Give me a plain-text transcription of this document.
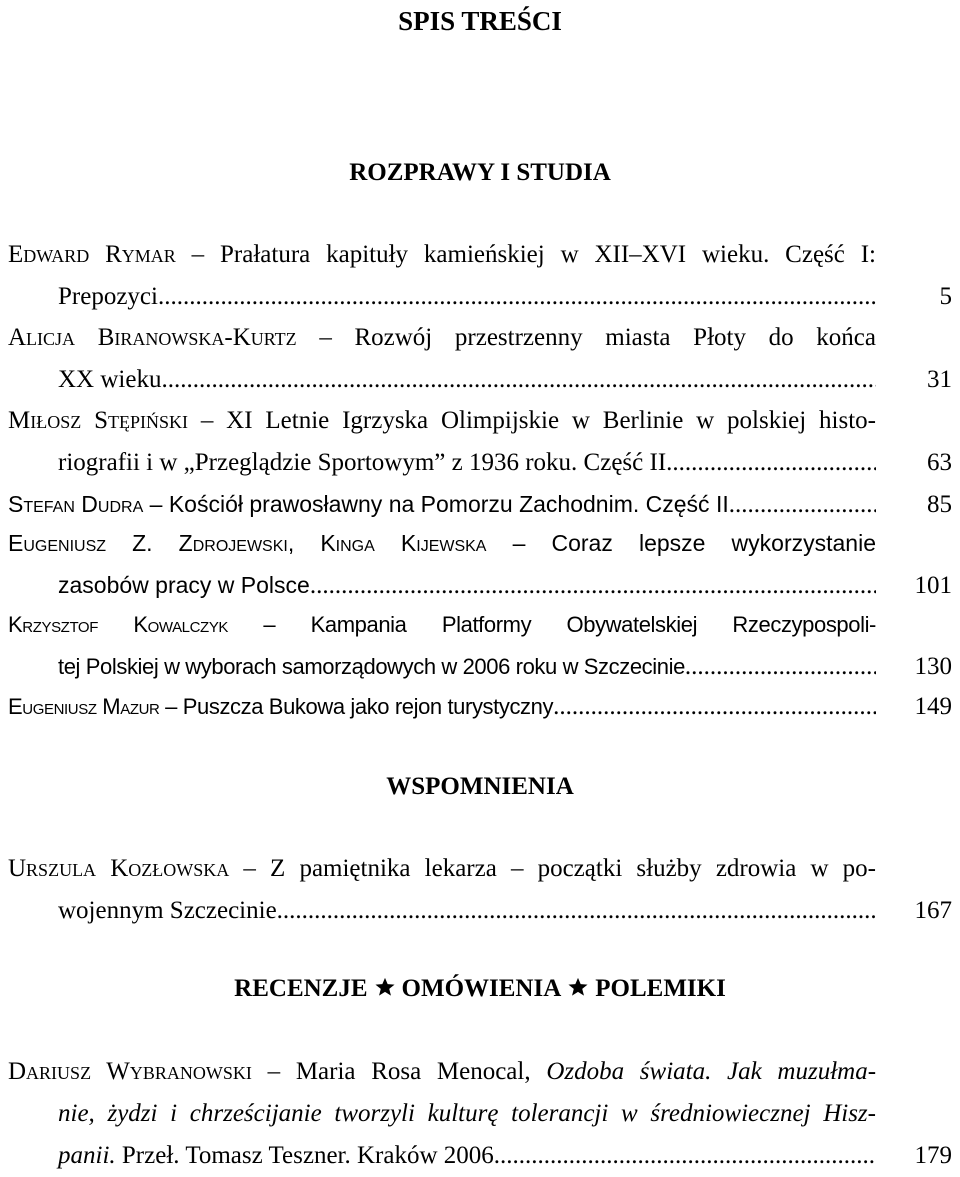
SPIS TREŚCI
ROZPRAWY I STUDIA
Edward Rymar – Prałatura kapituły kamieńskiej w XII–XVI wieku. Część I:
Prepozyci .....	5
Alicja Biranowska-Kurtz – Rozwój przestrzenny miasta Płoty do końca
XX wieku .....	31
Miłosz Stępiński – XI Letnie Igrzyska Olimpijskie w Berlinie w polskiej histo-
riografii i w „Przeglądzie Sportowym” z 1936 roku. Część II .....	63
Stefan Dudra – Kościół prawosławny na Pomorzu Zachodnim. Część II .....	85
Eugeniusz Z. Zdrojewski, Kinga Kijewska – Coraz lepsze wykorzystanie
zasobów pracy w Polsce .....	101
Krzysztof Kowalczyk – Kampania Platformy Obywatelskiej Rzeczypospoli-
tej Polskiej w wyborach samorządowych w 2006 roku w Szczecinie .....	130
Eugeniusz Mazur – Puszcza Bukowa jako rejon turystyczny .....	149
WSPOMNIENIA
Urszula Kozłowska – Z pamiętnika lekarza – początki służby zdrowia w po-
wojennym Szczecinie .....	167
RECENZJE OMÓWIENIA POLEMIKI
Dariusz Wybranowski – Maria Rosa Menocal, Ozdoba świata. Jak muzułma-
nie, żydzi i chrześcijanie tworzyli kulturę tolerancji w średniowiecznej Hisz-
panii. Przeł. Tomasz Teszner. Kraków 2006 .....	179
